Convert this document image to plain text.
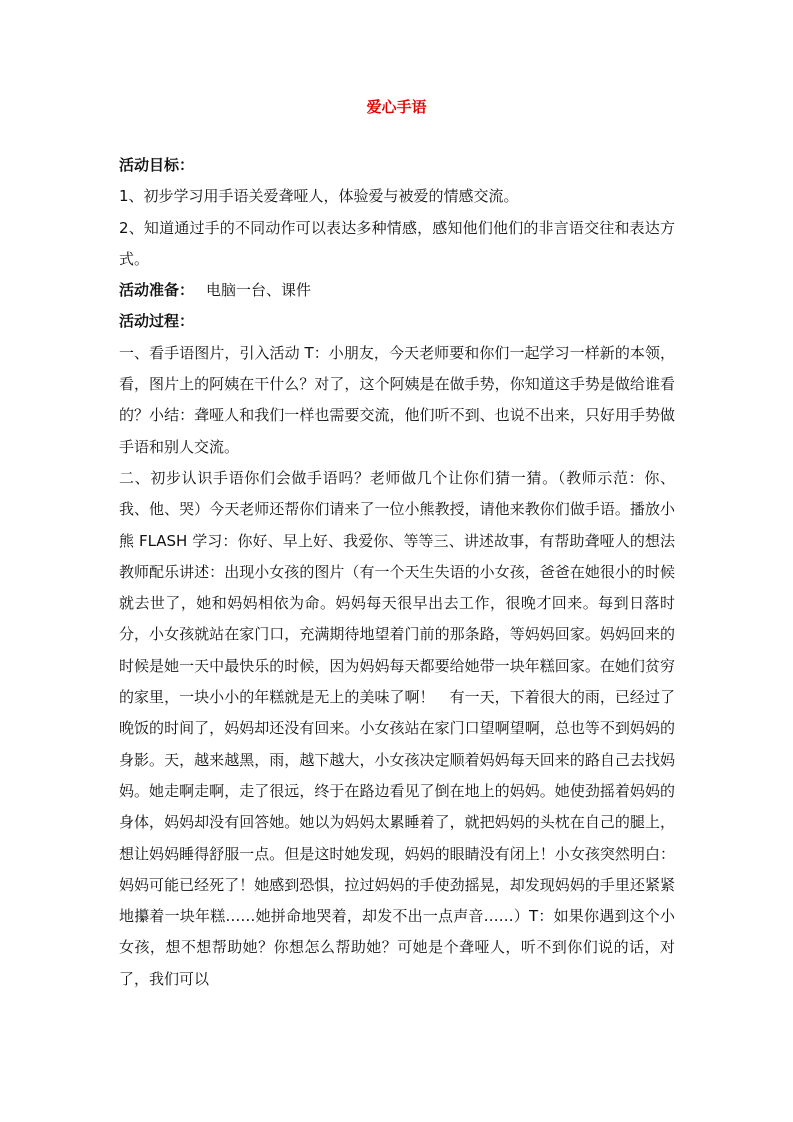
爱心手语

活动目标：

1、初步学习用手语关爱聋哑人，体验爱与被爱的情感交流。

2、知道通过手的不同动作可以表达多种情感，感知他们他们的非言语交往和表达方式。

活动准备： 电脑一台、课件

活动过程：

一、看手语图片，引入活动 T：小朋友，今天老师要和你们一起学习一样新的本领，看，图片上的阿姨在干什么？对了，这个阿姨是在做手势，你知道这手势是做给谁看的？小结：聋哑人和我们一样也需要交流，他们听不到、也说不出来，只好用手势做手语和别人交流。

二、初步认识手语你们会做手语吗？老师做几个让你们猜一猜。（教师示范：你、我、他、哭）今天老师还帮你们请来了一位小熊教授，请他来教你们做手语。播放小熊 FLASH 学习：你好、早上好、我爱你、等等三、讲述故事，有帮助聋哑人的想法教师配乐讲述：出现小女孩的图片（有一个天生失语的小女孩，爸爸在她很小的时候就去世了，她和妈妈相依为命。妈妈每天很早出去工作，很晚才回来。每到日落时分，小女孩就站在家门口，充满期待地望着门前的那条路，等妈妈回家。妈妈回来的时候是她一天中最快乐的时候，因为妈妈每天都要给她带一块年糕回家。在她们贫穷的家里，一块小小的年糕就是无上的美味了啊！　有一天，下着很大的雨，已经过了晚饭的时间了，妈妈却还没有回来。小女孩站在家门口望啊望啊，总也等不到妈妈的身影。天，越来越黑，雨，越下越大，小女孩决定顺着妈妈每天回来的路自己去找妈妈。她走啊走啊，走了很远，终于在路边看见了倒在地上的妈妈。她使劲摇着妈妈的身体，妈妈却没有回答她。她以为妈妈太累睡着了，就把妈妈的头枕在自己的腿上，想让妈妈睡得舒服一点。但是这时她发现，妈妈的眼睛没有闭上！小女孩突然明白：妈妈可能已经死了！她感到恐惧，拉过妈妈的手使劲摇晃，却发现妈妈的手里还紧紧地攥着一块年糕……她拼命地哭着，却发不出一点声音……）T：如果你遇到这个小女孩，想不想帮助她？你想怎么帮助她？可她是个聋哑人，听不到你们说的话，对了，我们可以
